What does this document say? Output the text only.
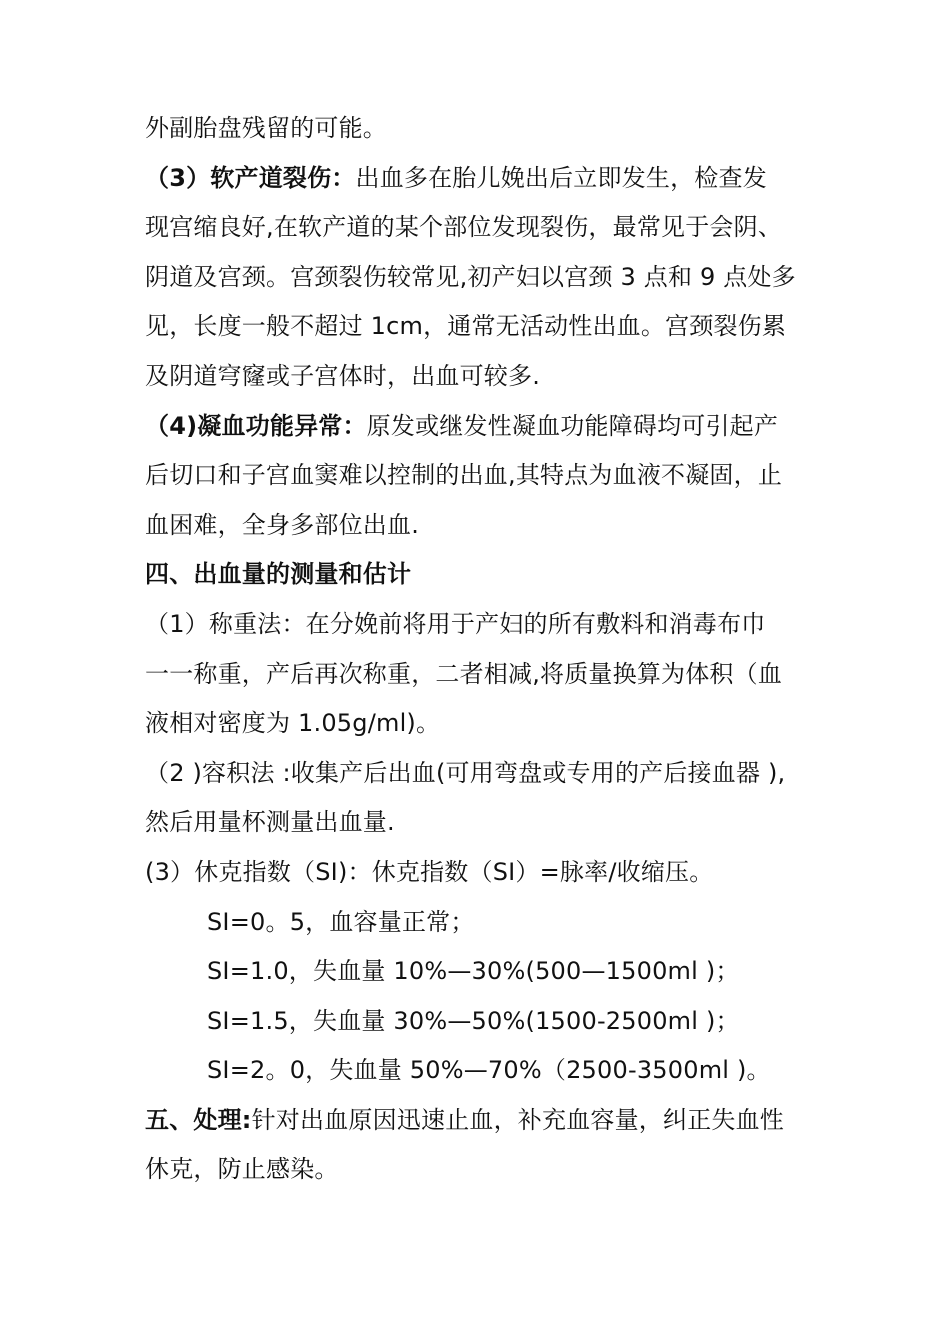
外副胎盘残留的可能。
（3）软产道裂伤：出血多在胎儿娩出后立即发生，检查发
现宫缩良好,在软产道的某个部位发现裂伤，最常见于会阴、
阴道及宫颈。宫颈裂伤较常见,初产妇以宫颈 3 点和 9 点处多
见，长度一般不超过 1cm，通常无活动性出血。宫颈裂伤累
及阴道穹窿或子宫体时，出血可较多.
（4)凝血功能异常：原发或继发性凝血功能障碍均可引起产
后切口和子宫血窦难以控制的出血,其特点为血液不凝固，止
血困难，全身多部位出血.
四、出血量的测量和估计
（1）称重法：在分娩前将用于产妇的所有敷料和消毒布巾
一一称重，产后再次称重，二者相减,将质量换算为体积（血
液相对密度为 1.05g/ml)。
（2 )容积法 :收集产后出血(可用弯盘或专用的产后接血器 ),
然后用量杯测量出血量.
(3）休克指数（SI)：休克指数（SI）=脉率/收缩压。
SI=0。5，血容量正常；
SI=1.0，失血量 10%—30%(500—1500ml )；
SI=1.5，失血量 30%—50%(1500-2500ml )；
SI=2。0，失血量 50%—70%（2500-3500ml )。
五、处理:针对出血原因迅速止血，补充血容量，纠正失血性
休克，防止感染。
